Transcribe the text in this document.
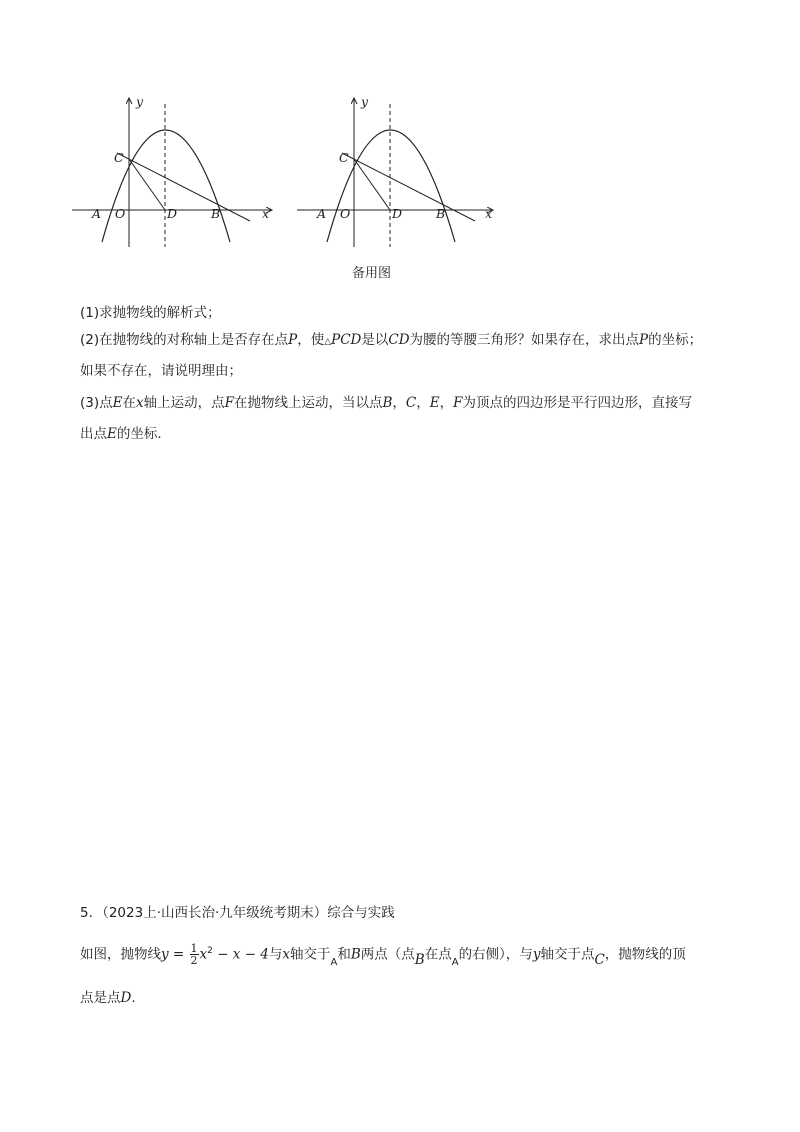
y
x
C
A O	D	B
y
x
C
A O	D	B
备用图
(1)求抛物线的解析式；
(2)在抛物线的对称轴上是否存在点P，使△PCD是以CD为腰的等腰三角形？如果存在，求出点P的坐标；
如果不存在，请说明理由；
(3)点E在x轴上运动，点F在抛物线上运动，当以点B，C，E，F为顶点的四边形是平行四边形，直接写
出点E的坐标.
5．（2023上·山西长治·九年级统考期末）综合与实践
如图，抛物线$y = \frac{1}{2} x^2 - x - 4$与x轴交于$_A$和B两点（点B在点$_A$的右侧），与y轴交于点C，抛物线的顶
点是点D.
